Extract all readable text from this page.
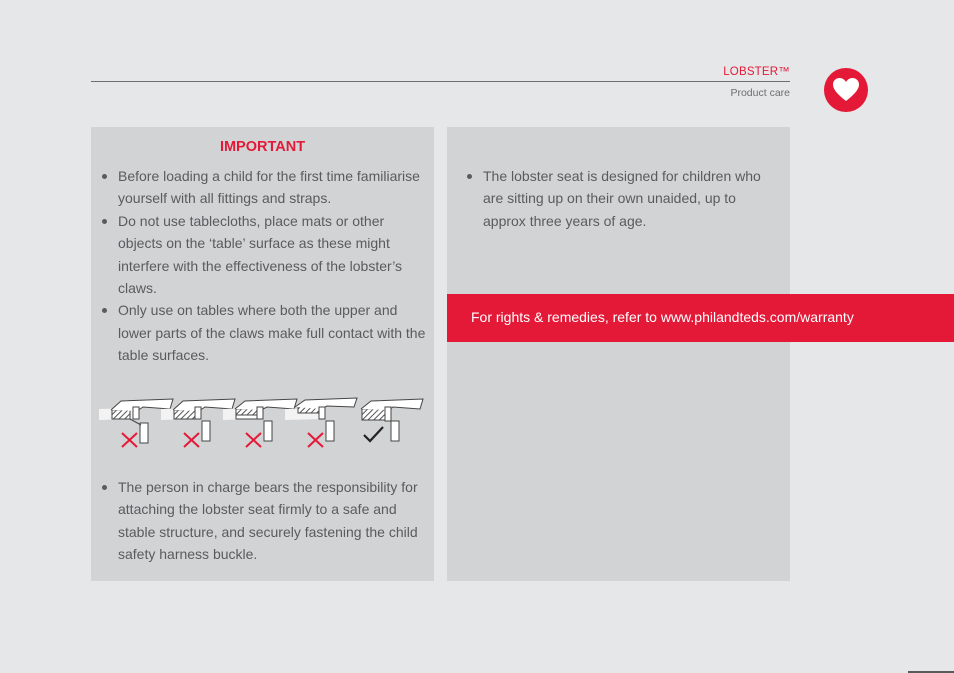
LOBSTER™
Product care
IMPORTANT
Before loading a child for the first time familiarise yourself with all fittings and straps.
Do not use tablecloths, place mats or other objects on the ‘table’ surface as these might interfere with the effectiveness of the lobster’s claws.
Only use on tables where both the upper and lower parts of the claws make full contact with the table surfaces.
The person in charge bears the responsibility for attaching the lobster seat firmly to a safe and stable structure, and securely fastening the child safety harness buckle.
The lobster seat is designed for children who are sitting up on their own unaided, up to approx three years of age.
For rights & remedies, refer to www.philandteds.com/warranty
